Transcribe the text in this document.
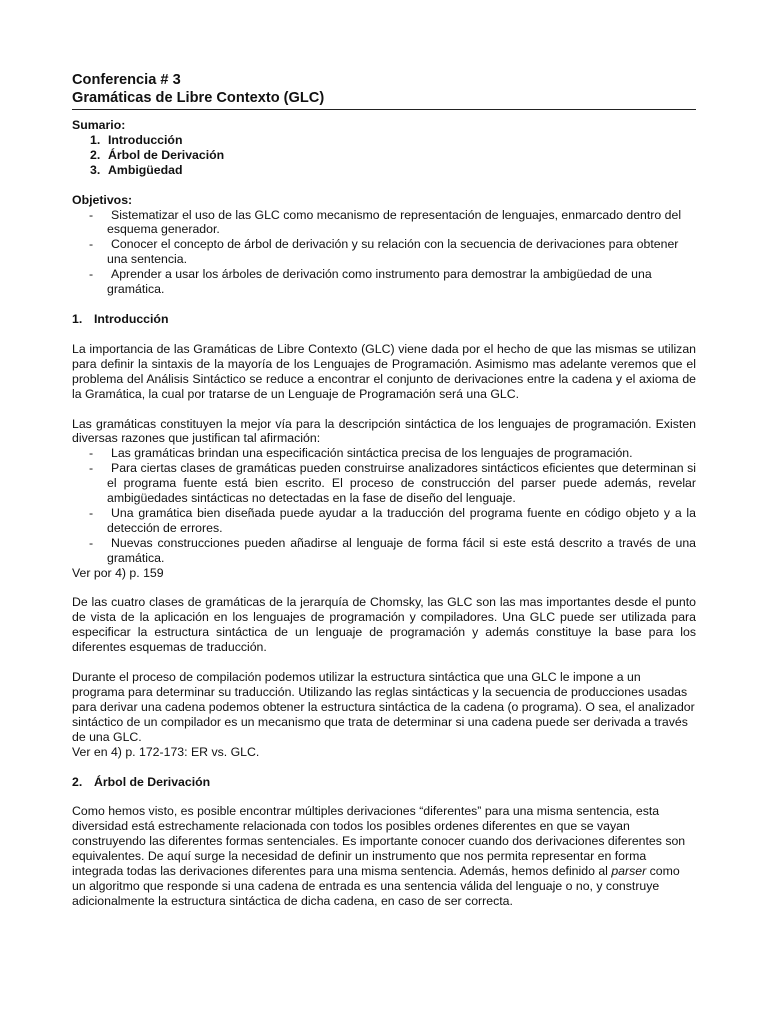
Conferencia # 3
Gramáticas de Libre Contexto (GLC)
Sumario:
1. Introducción
2. Árbol de Derivación
3. Ambigüedad
Objetivos:
- Sistematizar el uso de las GLC como mecanismo de representación de lenguajes, enmarcado dentro del esquema generador.
- Conocer el concepto de árbol de derivación y su relación con la secuencia de derivaciones para obtener una sentencia.
- Aprender a usar los árboles de derivación como instrumento para demostrar la ambigüedad de una gramática.
1. Introducción
La importancia de las Gramáticas de Libre Contexto (GLC) viene dada por el hecho de que las mismas se utilizan para definir la sintaxis de la mayoría de los Lenguajes de Programación. Asimismo mas adelante veremos que el problema del Análisis Sintáctico se reduce a encontrar el conjunto de derivaciones entre la cadena y el axioma de la Gramática, la cual por tratarse de un Lenguaje de Programación será una GLC.
Las gramáticas constituyen la mejor vía para la descripción sintáctica de los lenguajes de programación. Existen diversas razones que justifican tal afirmación:
- Las gramáticas brindan una especificación sintáctica precisa de los lenguajes de programación.
- Para ciertas clases de gramáticas pueden construirse analizadores sintácticos eficientes que determinan si el programa fuente está bien escrito. El proceso de construcción del parser puede además, revelar ambigüedades sintácticas no detectadas en la fase de diseño del lenguaje.
- Una gramática bien diseñada puede ayudar a la traducción del programa fuente en código objeto y a la detección de errores.
- Nuevas construcciones pueden añadirse al lenguaje de forma fácil si este está descrito a través de una gramática.
Ver por 4) p. 159
De las cuatro clases de gramáticas de la jerarquía de Chomsky, las GLC son las mas importantes desde el punto de vista de la aplicación en los lenguajes de programación y compiladores. Una GLC puede ser utilizada para especificar la estructura sintáctica de un lenguaje de programación y además constituye la base para los diferentes esquemas de traducción.
Durante el proceso de compilación podemos utilizar la estructura sintáctica que una GLC le impone a un programa para determinar su traducción. Utilizando las reglas sintácticas y la secuencia de producciones usadas para derivar una cadena podemos obtener la estructura sintáctica de la cadena (o programa). O sea, el analizador sintáctico de un compilador es un mecanismo que trata de determinar si una cadena puede ser derivada a través de una GLC.
Ver en 4) p. 172-173: ER vs. GLC.
2. Árbol de Derivación
Como hemos visto, es posible encontrar múltiples derivaciones “diferentes” para una misma sentencia, esta diversidad está estrechamente relacionada con todos los posibles ordenes diferentes en que se vayan construyendo las diferentes formas sentenciales. Es importante conocer cuando dos derivaciones diferentes son equivalentes. De aquí surge la necesidad de definir un instrumento que nos permita representar en forma integrada todas las derivaciones diferentes para una misma sentencia. Además, hemos definido al parser como un algoritmo que responde si una cadena de entrada es una sentencia válida del lenguaje o no, y construye adicionalmente la estructura sintáctica de dicha cadena, en caso de ser correcta.
